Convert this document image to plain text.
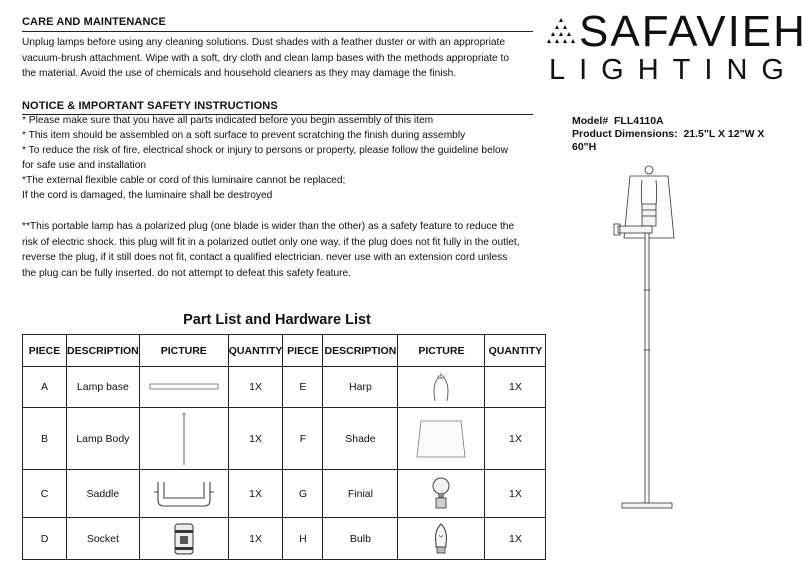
CARE AND MAINTENANCE
Unplug lamps before using any cleaning solutions. Dust shades with a feather duster or with an appropriate
vacuum-brush attachment. Wipe with a soft, dry cloth and clean lamp bases with the methods appropriate to
the material. Avoid the use of chemicals and household cleaners as they may damage the finish.
NOTICE & IMPORTANT SAFETY INSTRUCTIONS
* Please make sure that you have all parts indicated before you begin assembly of this item
* This item should be assembled on a soft surface to prevent scratching the finish during assembly
* To reduce the risk of fire, electrical shock or injury to persons or property, please follow the guideline below
for safe use and installation
*The external flexible cable or cord of this luminaire cannot be replaced;
If the cord is damaged, the luminaire shall be destroyed
**This portable lamp has a polarized plug (one blade is wider than the other) as a safety feature to reduce the
risk of electric shock. this plug will fit in a polarized outlet only one way. if the plug does not fit fully in the outlet,
reverse the plug, if it still does not fit, contact a qualified electrician. never use with an extension cord unless
the plug can be fully inserted. do not attempt to defeat this safety feature.
SAFAVIEH
LIGHTING
Model# FLL4110A
Product Dimensions: 21.5"L X 12"W X
60"H
Part List and Hardware List
PIECE	DESCRIPTION	PICTURE	QUANTITY	PIECE	DESCRIPTION	PICTURE	QUANTITY
A	Lamp base		1X	E	Harp		1X
B	Lamp Body		1X	F	Shade		1X
C	Saddle		1X	G	Finial		1X
D	Socket		1X	H	Bulb		1X
